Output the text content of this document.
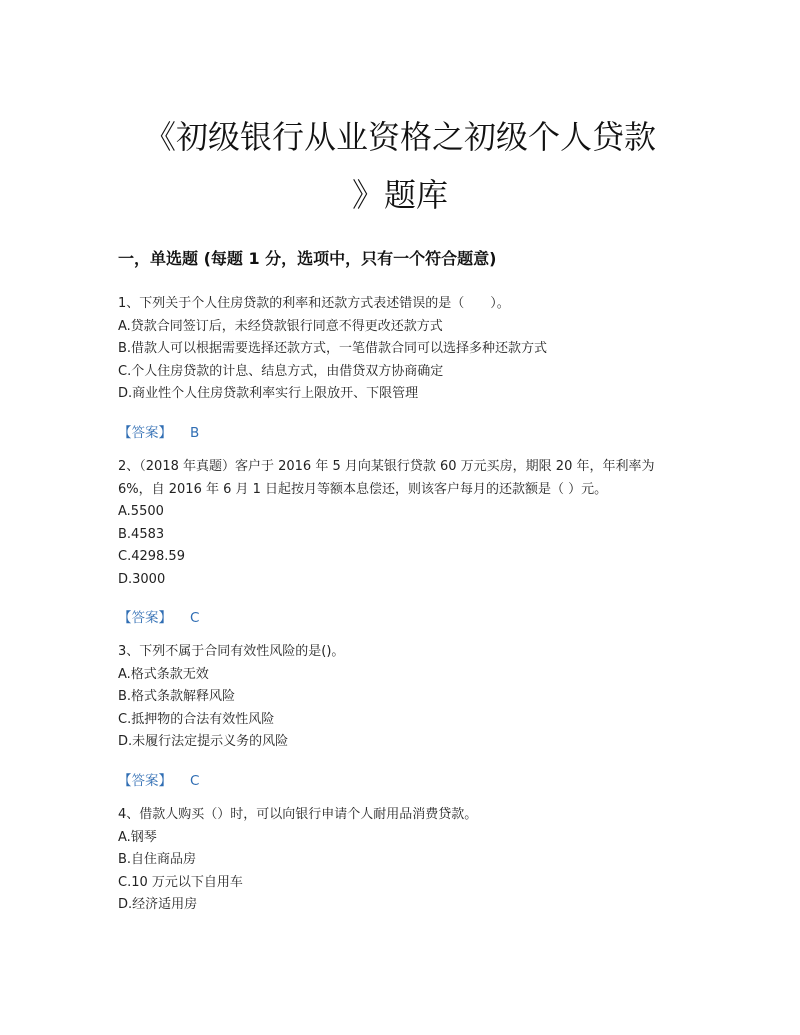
《初级银行从业资格之初级个人贷款
》题库
一，单选题 (每题 1 分，选项中，只有一个符合题意)
1、下列关于个人住房贷款的利率和还款方式表述错误的是（　　）。
A.贷款合同签订后，未经贷款银行同意不得更改还款方式
B.借款人可以根据需要选择还款方式，一笔借款合同可以选择多种还款方式
C.个人住房贷款的计息、结息方式，由借贷双方协商确定
D.商业性个人住房贷款利率实行上限放开、下限管理
【答案】 B
2、（2018 年真题）客户于 2016 年 5 月向某银行贷款 60 万元买房，期限 20 年，年利率为 6%，自 2016 年 6 月 1 日起按月等额本息偿还，则该客户每月的还款额是（ ）元。
A.5500
B.4583
C.4298.59
D.3000
【答案】 C
3、下列不属于合同有效性风险的是()。
A.格式条款无效
B.格式条款解释风险
C.抵押物的合法有效性风险
D.未履行法定提示义务的风险
【答案】 C
4、借款人购买（）时，可以向银行申请个人耐用品消费贷款。
A.钢琴
B.自住商品房
C.10 万元以下自用车
D.经济适用房
